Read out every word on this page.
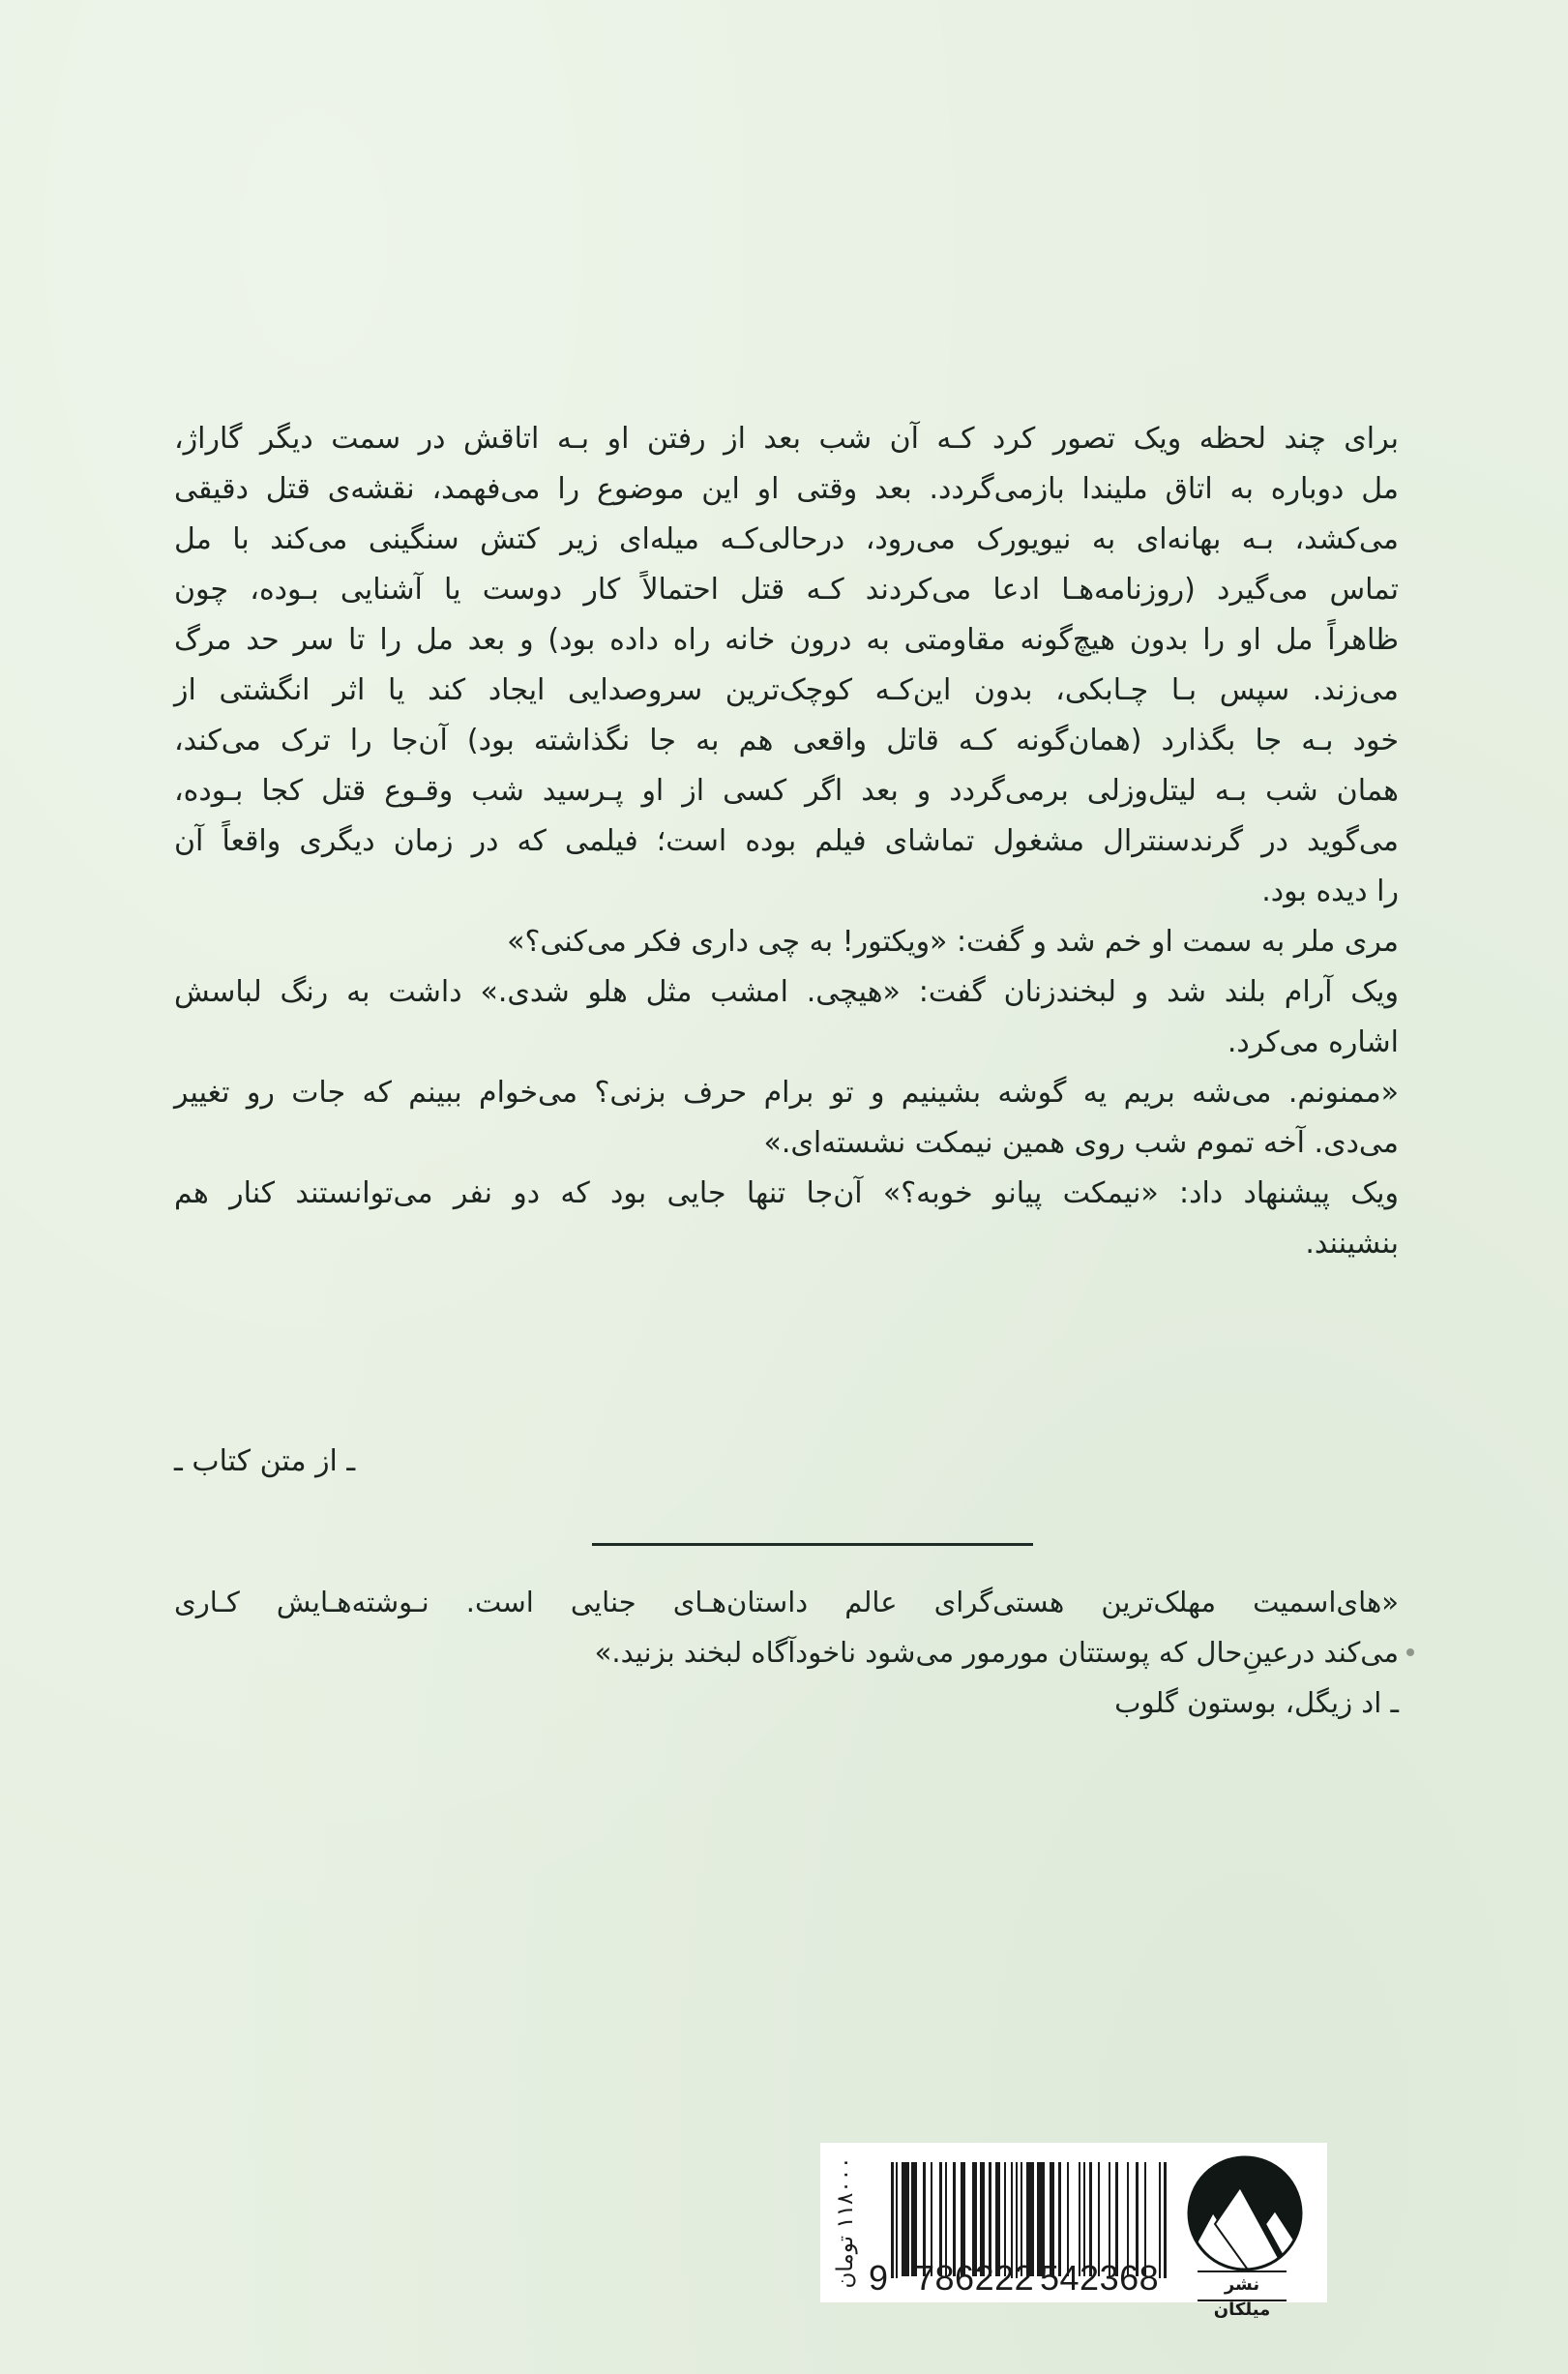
برای چند لحظه ویک تصور کرد کـه آن شب بعد از رفتن او بـه اتاقش در سمت دیگر گاراژ،
مل دوباره به اتاق ملیندا بازمی‌گردد. بعد وقتی او این موضوع را می‌فهمد، نقشه‌ی قتل دقیقی
می‌کشد، بـه بهانه‌ای به نیویورک می‌رود، درحالی‌کـه میله‌ای زیر کتش سنگینی می‌کند با مل
تماس می‌گیرد (روزنامه‌هـا ادعا می‌کردند کـه قتل احتمالاً کار دوست یا آشنایی بـوده، چون
ظاهراً مل او را بدون هیچ‌گونه مقاومتی به درون خانه راه داده بود) و بعد مل را تا سر حد مرگ
می‌زند. سپس بـا چـابکی، بدون این‌کـه کوچک‌ترین سروصدایی ایجاد کند یا اثر انگشتی از
خود بـه جا بگذارد (همان‌گونه کـه قاتل واقعی هم به جا نگذاشته بود) آن‌جا را ترک می‌کند،
همان شب بـه لیتل‌وزلی برمی‌گردد و بعد اگر کسی از او پـرسید شب وقـوع قتل کجا بـوده،
می‌گوید در گرندسنترال مشغول تماشای فیلم بوده است؛ فیلمی که در زمان دیگری واقعاً آن
را دیده بود.
مری ملر به سمت او خم شد و گفت: «ویکتور! به چی داری فکر می‌کنی؟»
ویک آرام بلند شد و لبخندزنان گفت: «هیچی. امشب مثل هلو شدی.» داشت به رنگ لباسش
اشاره می‌کرد.
«ممنونم. می‌شه بریم یه گوشه بشینیم و تو برام حرف بزنی؟ می‌خوام ببینم که جات رو تغییر
می‌دی. آخه تموم شب روی همین نیمکت نشسته‌ای.»
ویک پیشنهاد داد: «نیمکت پیانو خوبه؟» آن‌جا تنها جایی بود که دو نفر می‌توانستند کنار هم
بنشینند.
ـ از متن کتاب ـ
«های‌اسمیت مهلک‌ترین هستی‌گرای عالم داستان‌هـای جنایی است. نـوشته‌هـایش کـاری
می‌کند درعینِ‌حال که پوستتان مورمور می‌شود ناخودآگاه لبخند بزنید.»
ـ اد زیگل، بوستون گلوب
۱۱۸۰۰۰ تومان
9 786222 542368	نشر میلکان
